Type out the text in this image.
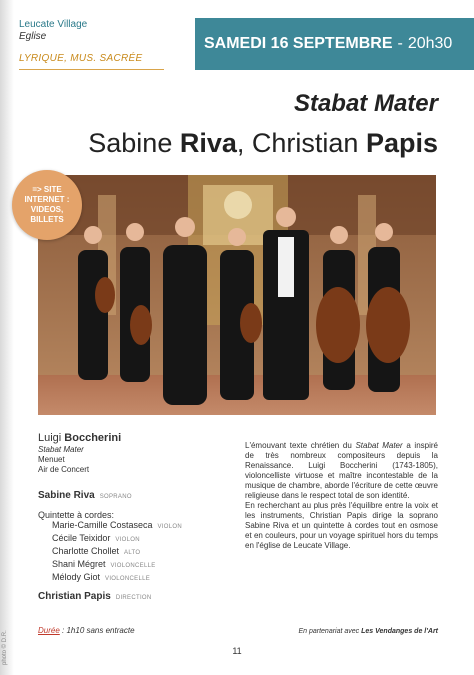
Leucate Village
Eglise
LYRIQUE, MUS. SACRÉE
SAMEDI 16 SEPTEMBRE - 20h30
Stabat Mater
Sabine Riva, Christian Papis
=> SITE INTERNET : VIDEOS, BILLETS
Luigi Boccherini
Stabat Mater
Menuet
Air de Concert
Sabine Riva SOPRANO
Quintette à cordes:
Marie-Camille Costaseca VIOLON
Cécile Teixidor VIOLON
Charlotte Chollet ALTO
Shani Mégret VIOLONCELLE
Mélody Giot VIOLONCELLE
Christian Papis DIRECTION
Durée : 1h10 sans entracte

L'émouvant texte chrétien du Stabat Mater a inspiré de très nombreux compositeurs depuis la Renaissance. Luigi Boccherini (1743-1805), violoncelliste virtuose et maître incontestable de la musique de chambre, aborde l'écriture de cette œuvre religieuse dans le respect total de son identité.

En recherchant au plus près l'équilibre entre la voix et les instruments, Christian Papis dirige la soprano Sabine Riva et un quintette à cordes tout en osmose et en couleurs, pour un voyage spirituel hors du temps en l'église de Leucate Village.

En partenariat avec Les Vendanges de l'Art
11
photo © D.R.
